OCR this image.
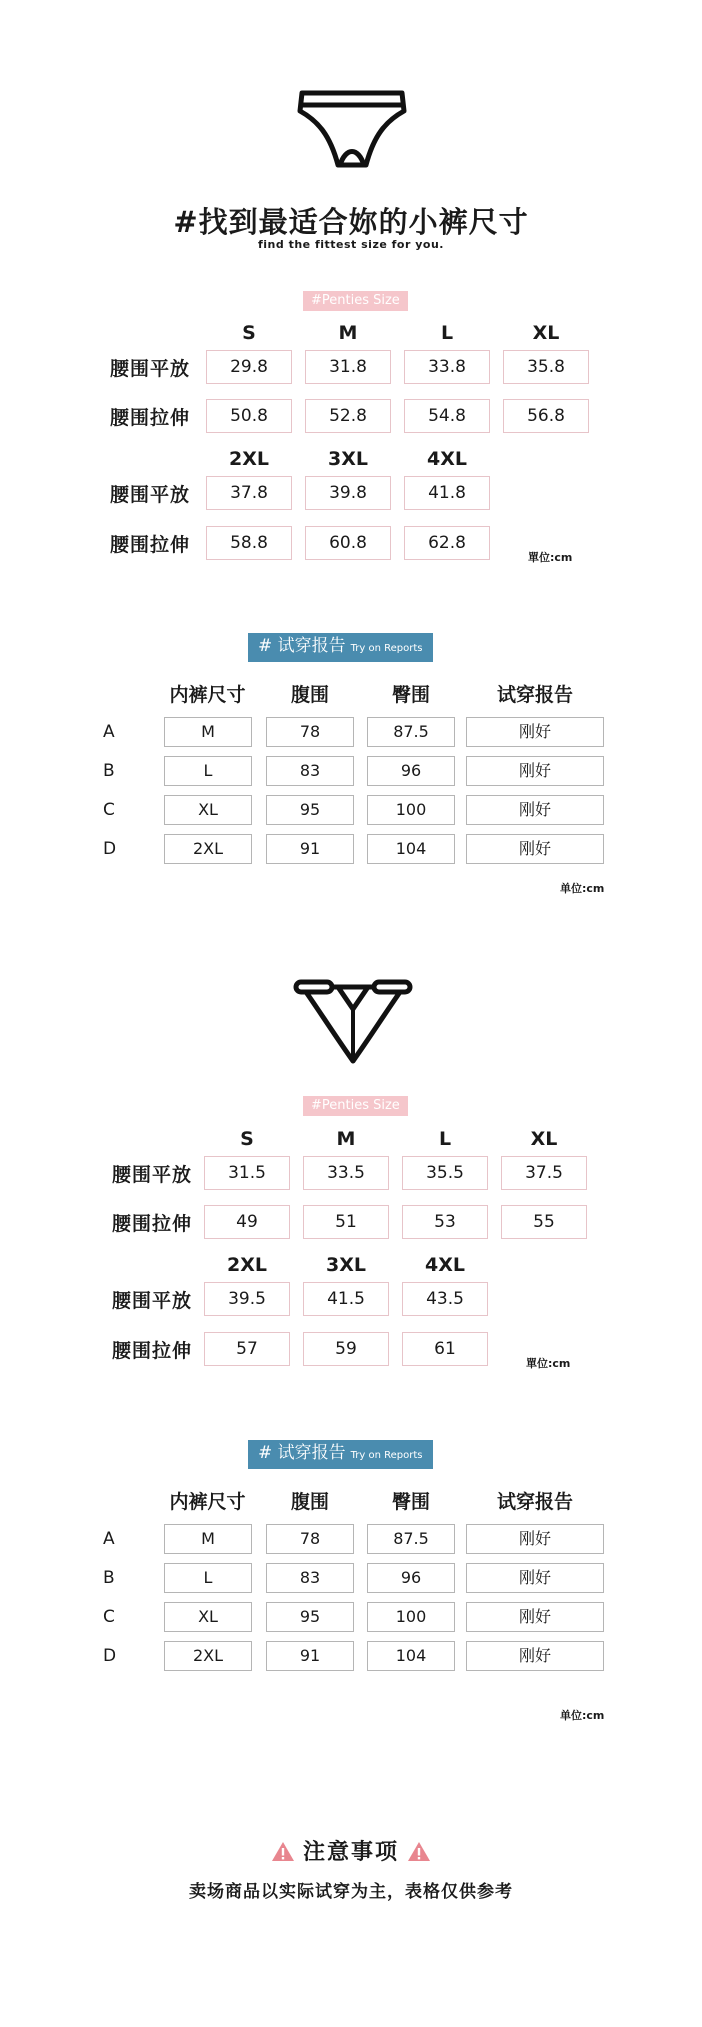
#找到最适合妳的小裤尺寸
find the fittest size for you.
#Penties Size
S	M	L	XL
腰围平放	29.8	31.8	33.8	35.8
腰围拉伸	50.8	52.8	54.8	56.8
2XL	3XL	4XL
腰围平放	37.8	39.8	41.8
腰围拉伸	58.8	60.8	62.8
單位:cm
# 试穿报告 Try on Reports
内裤尺寸	腹围	臀围	试穿报告
A	M	78	87.5	刚好
B	L	83	96	刚好
C	XL	95	100	刚好
D	2XL	91	104	刚好
单位:cm
#Penties Size
S	M	L	XL
腰围平放	31.5	33.5	35.5	37.5
腰围拉伸	49	51	53	55
2XL	3XL	4XL
腰围平放	39.5	41.5	43.5
腰围拉伸	57	59	61
單位:cm
# 试穿报告 Try on Reports
内裤尺寸	腹围	臀围	试穿报告
A	M	78	87.5	刚好
B	L	83	96	刚好
C	XL	95	100	刚好
D	2XL	91	104	刚好
单位:cm
注意事项
卖场商品以实际试穿为主，表格仅供参考
